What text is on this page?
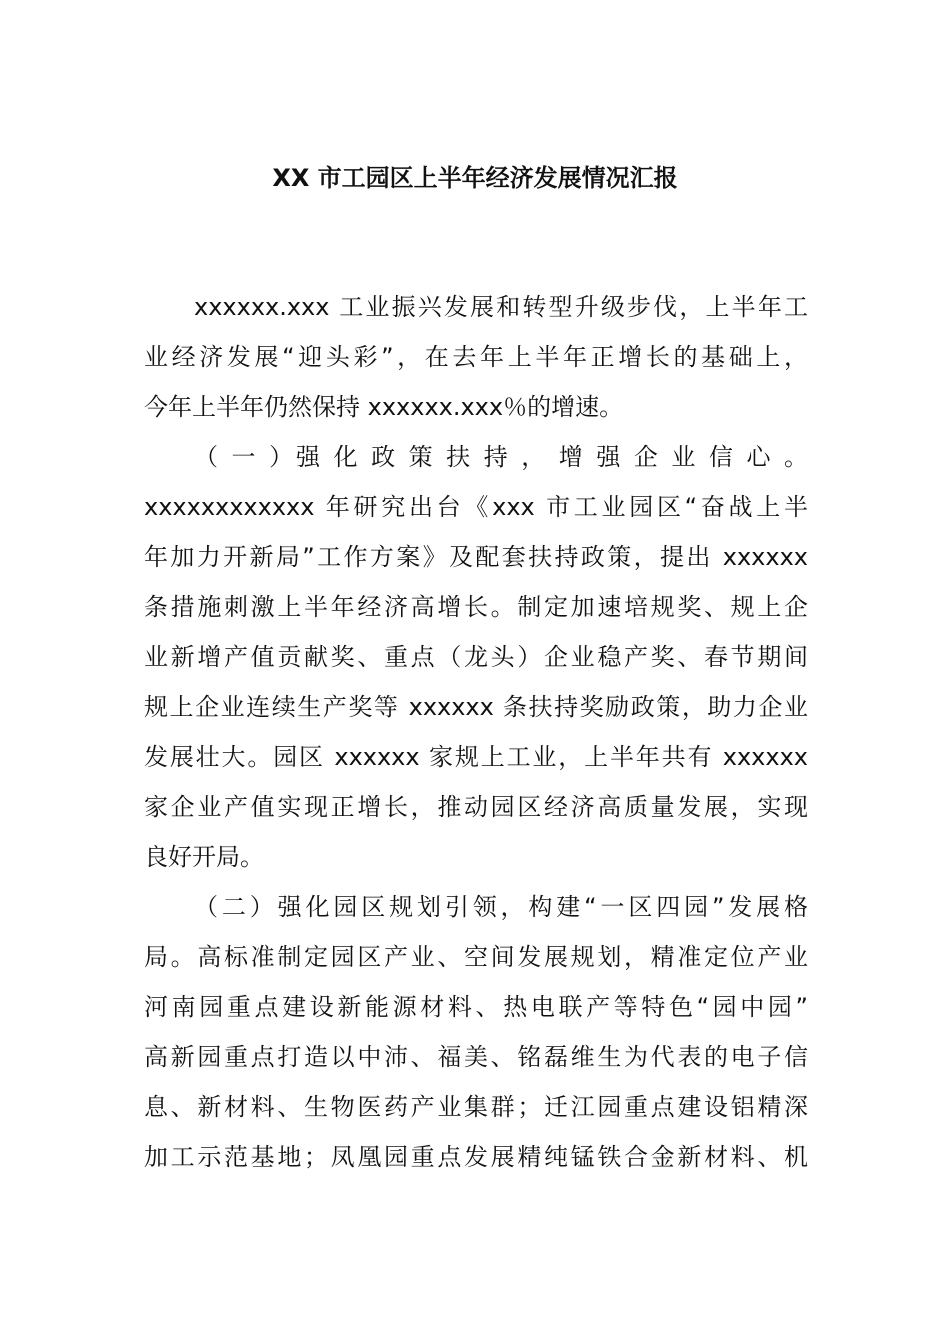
XX 市工园区上半年经济发展情况汇报
xxxxxx.xxx 工业振兴发展和转型升级步伐，上半年工
业经济发展“迎头彩”，在去年上半年正增长的基础上，
今年上半年仍然保持 xxxxxx.xxx％的增速。
（ 一 ）强 化 政 策 扶 持 ， 增 强 企 业 信 心 。
xxxxxxxxxxxx 年研究出台《xxx 市工业园区“奋战上半
年加力开新局”工作方案》及配套扶持政策，提出 xxxxxx
条措施刺激上半年经济高增长。制定加速培规奖、规上企
业新增产值贡献奖、重点（龙头）企业稳产奖、春节期间
规上企业连续生产奖等 xxxxxx 条扶持奖励政策，助力企业
发展壮大。园区 xxxxxx 家规上工业，上半年共有 xxxxxx
家企业产值实现正增长，推动园区经济高质量发展，实现
良好开局。
（二）强化园区规划引领，构建“一区四园”发展格
局。高标准制定园区产业、空间发展规划，精准定位产业
河南园重点建设新能源材料、热电联产等特色“园中园”
高新园重点打造以中沛、福美、铭磊维生为代表的电子信
息、新材料、生物医药产业集群；迁江园重点建设铝精深
加工示范基地；凤凰园重点发展精纯锰铁合金新材料、机
